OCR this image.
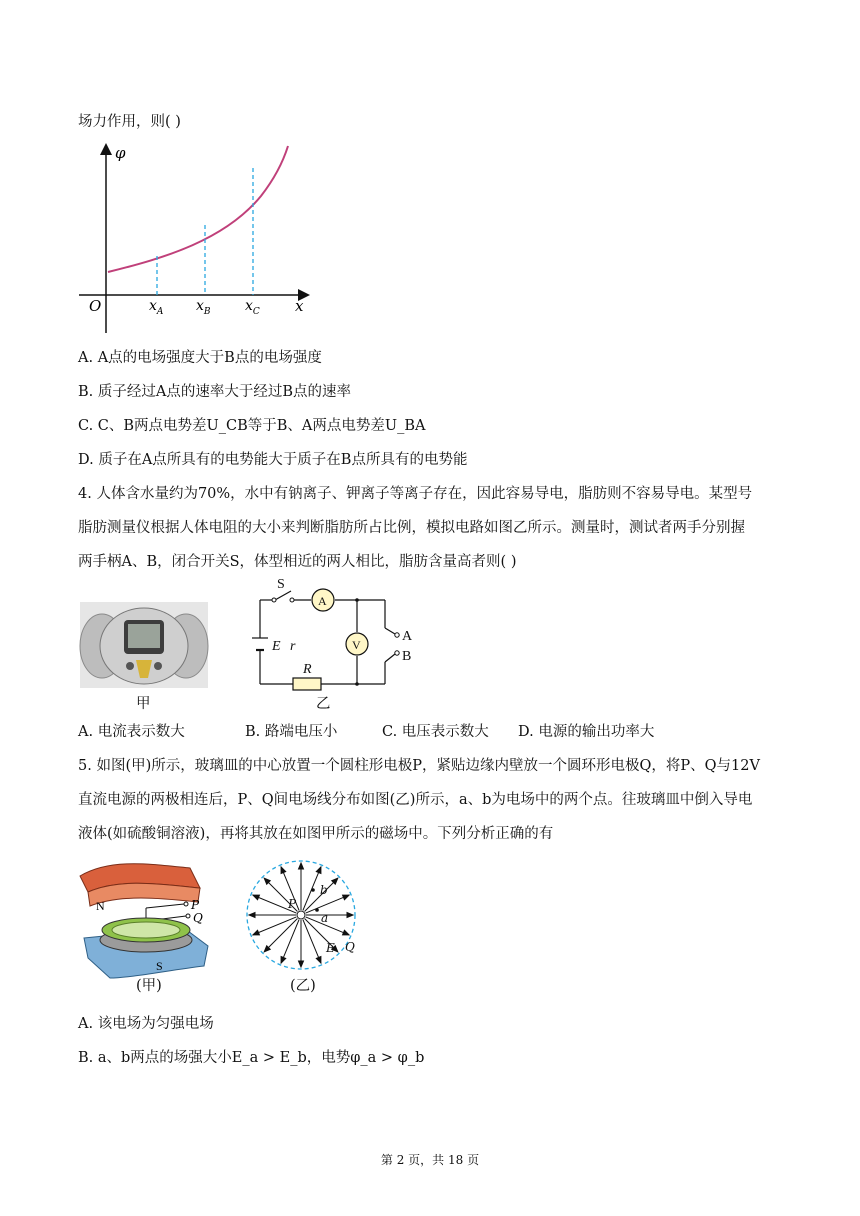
场力作用，则( )
φ
x
O	$x_A$ $x_B$ $x_C$
A. A点的电场强度大于B点的电场强度
B. 质子经过A点的速率大于经过B点的速率
C. C、B两点电势差U_CB等于B、A两点电势差U_BA
D. 质子在A点所具有的电势能大于质子在B点所具有的电势能
4. 人体含水量约为70%，水中有钠离子、钾离子等离子存在，因此容易导电，脂肪则不容易导电。某型号
脂肪测量仪根据人体电阻的大小来判断脂肪所占比例，模拟电路如图乙所示。测量时，测试者两手分别握
两手柄A、B，闭合开关S，体型相近的两人相比，脂肪含量高者则( )
甲
S
A
V
E r
R
A
B
乙
A. 电流表示数大	B. 路端电压小	C. 电压表示数大 D. 电源的输出功率大
5. 如图(甲)所示，玻璃皿的中心放置一个圆柱形电极P，紧贴边缘内壁放一个圆环形电极Q，将P、Q与12V
直流电源的两极相连后，P、Q间电场线分布如图(乙)所示，a、b为电场中的两个点。往玻璃皿中倒入导电
液体(如硫酸铜溶液)，再将其放在如图甲所示的磁场中。下列分析正确的有
N	P
Q
S
(甲)
P
a
b
E Q
(乙)
A. 该电场为匀强电场
B. a、b两点的场强大小E_a > E_b，电势φ_a > φ_b
第 2 页，共 18 页
